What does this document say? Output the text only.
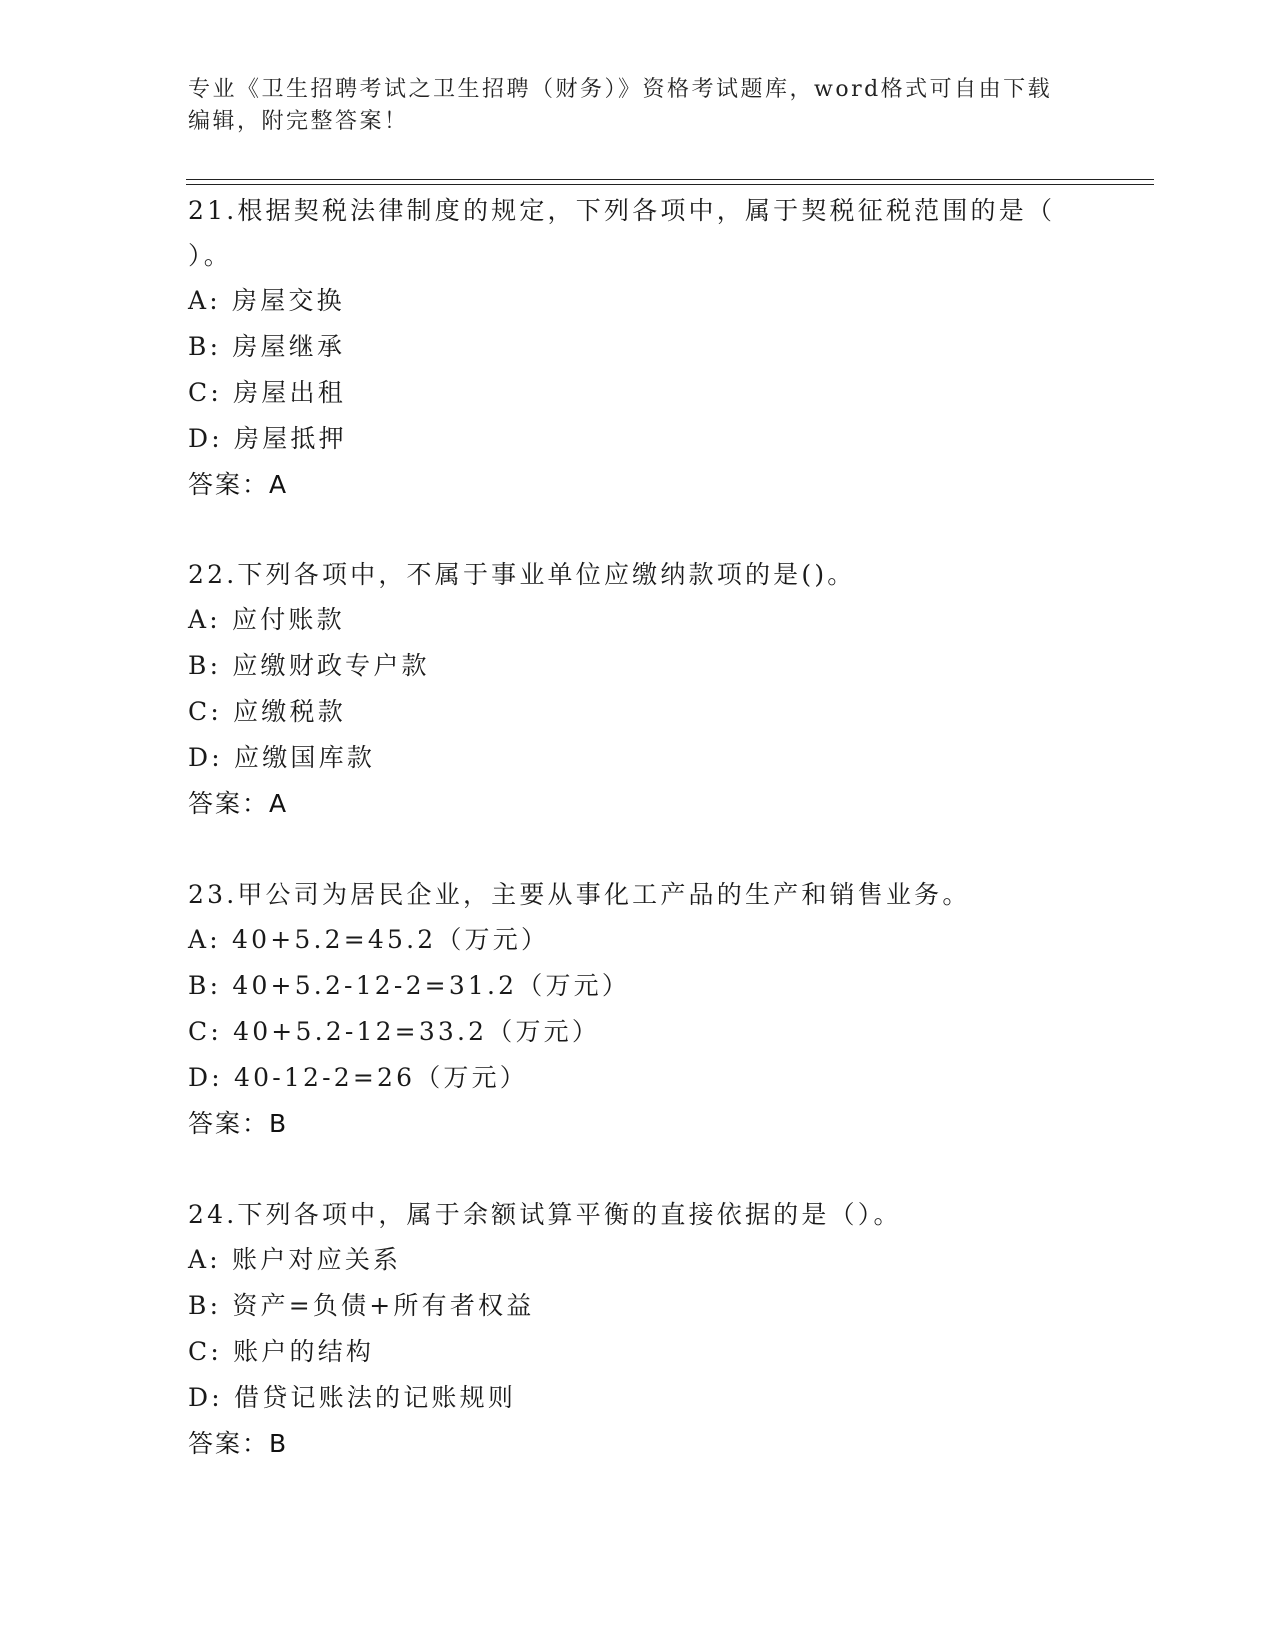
专业《卫生招聘考试之卫生招聘（财务）》资格考试题库，word格式可自由下载
编辑，附完整答案！
21.根据契税法律制度的规定，下列各项中，属于契税征税范围的是（
）。
A: 房屋交换
B: 房屋继承
C: 房屋出租
D: 房屋抵押
答案：A
22.下列各项中，不属于事业单位应缴纳款项的是()。
A: 应付账款
B: 应缴财政专户款
C: 应缴税款
D: 应缴国库款
答案：A
23.甲公司为居民企业，主要从事化工产品的生产和销售业务。
A: 40+5.2=45.2（万元）
B: 40+5.2-12-2=31.2（万元）
C: 40+5.2-12=33.2（万元）
D: 40-12-2=26（万元）
答案：B
24.下列各项中，属于余额试算平衡的直接依据的是（）。
A: 账户对应关系
B: 资产=负债+所有者权益
C: 账户的结构
D: 借贷记账法的记账规则
答案：B
